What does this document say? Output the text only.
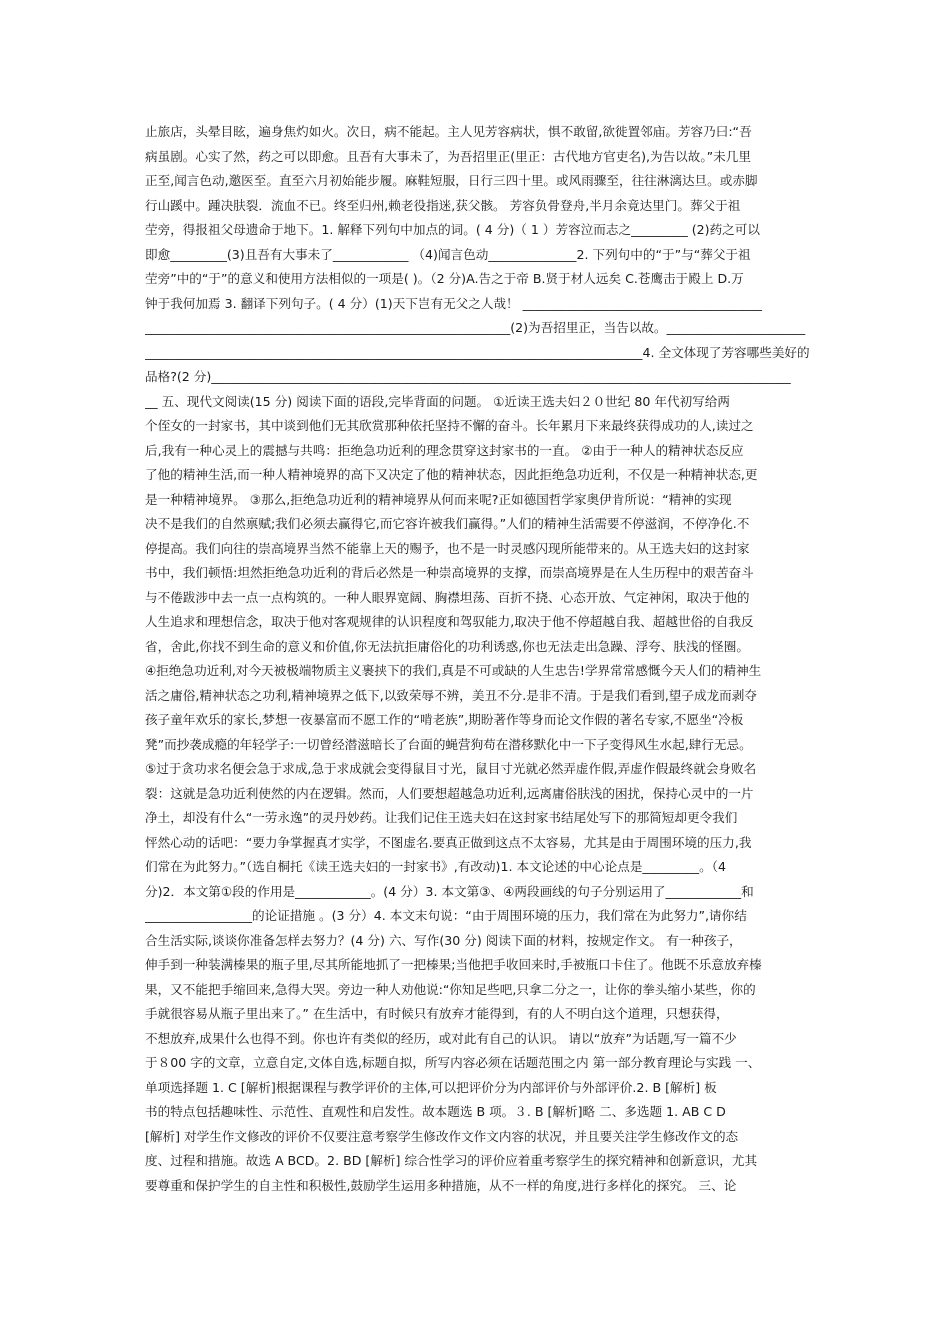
止旅店，头晕目眩，遍身焦灼如火。次日，病不能起。主人见芳容病状，惧不敢留,欲徙置邻庙。芳容乃曰:“吾
病虽剧。心实了然，药之可以即愈。且吾有大事未了，为吾招里正(里正：古代地方官吏名),为告以故。”未几里
正至,闻言色动,邀医至。直至六月初始能步履。麻鞋短服，日行三四十里。或风雨骤至，往往淋漓达旦。或赤脚
行山蹊中。踵决肤裂．流血不已。终至归州,赖老役指迷,获父骸。 芳容负骨登舟,半月余竟达里门。葬父于祖
茔旁，得报祖父母遗命于地下。1. 解释下列句中加点的词。( 4 分)（ 1 ）芳容泣而志之_________ (2)药之可以
即愈_________(3)且吾有大事未了____________ （4)闻言色动______________2. 下列句中的“于”与“葬父于祖
茔旁”中的“于”的意义和使用方法相似的一项是( )。（2 分)A.告之于帝 B.贤于材人远矣 C.苍鹰击于殿上 D.万
钟于我何加焉 3. 翻译下列句子。( 4 分）(1)天下岂有无父之人哉！ ______________________________________
__________________________________________________________(2)为吾招里正，当告以故。______________________
_______________________________________________________________________________4. 全文体现了芳容哪些美好的
品格?(2 分)____________________________________________________________________________________________
__ 五、现代文阅读(15 分) 阅读下面的语段,完毕背面的问题。 ①近读王选夫妇２０世纪 80 年代初写给两
个侄女的一封家书，其中谈到他们无其欣赏那种依托坚持不懈的奋斗。长年累月下来最终获得成功的人,读过之
后,我有一种心灵上的震撼与共鸣：拒绝急功近利的理念贯穿这封家书的一直。 ②由于一种人的精神状态反应
了他的精神生活,而一种人精神境界的高下又决定了他的精神状态，因此拒绝急功近利，不仅是一种精神状态,更
是一种精神境界。 ③那么,拒绝急功近利的精神境界从何而来呢?正如德国哲学家奥伊肯所说：“精神的实现
决不是我们的自然禀赋;我们必须去赢得它,而它容许被我们赢得。”人们的精神生活需要不停滋润，不停净化.不
停提高。我们向往的崇高境界当然不能靠上天的赐予，也不是一时灵感闪现所能带来的。从王选夫妇的这封家
书中，我们顿悟:坦然拒绝急功近利的背后必然是一种崇高境界的支撑，而崇高境界是在人生历程中的艰苦奋斗
与不倦跋涉中去一点一点构筑的。一种人眼界宽阔、胸襟坦荡、百折不挠、心态开放、气定神闲，取决于他的
人生追求和理想信念，取决于他对客观规律的认识程度和驾驭能力,取决于他不停超越自我、超越世俗的自我反
省，舍此,你找不到生命的意义和价值,你无法抗拒庸俗化的功利诱惑,你也无法走出急躁、浮夸、肤浅的怪圈。
④拒绝急功近利,对今天被极端物质主义裹挟下的我们,真是不可或缺的人生忠告!学界常常感慨今天人们的精神生
活之庸俗,精神状态之功利,精神境界之低下,以致荣辱不辨，美丑不分.是非不清。于是我们看到,望子成龙而剥夺
孩子童年欢乐的家长,梦想一夜暴富而不愿工作的“啃老族”,期盼著作等身而论文作假的著名专家,不愿坐“冷板
凳”而抄袭成瘾的年轻学子:一切曾经潜滋暗长了台面的蝇营狗苟在潜移默化中一下子变得风生水起,肆行无忌。
⑤过于贪功求名便会急于求成,急于求成就会变得鼠目寸光，鼠目寸光就必然弄虚作假,弄虚作假最终就会身败名
裂：这就是急功近利使然的内在逻辑。然而，人们要想超越急功近利,远离庸俗肤浅的困扰，保持心灵中的一片
净土，却没有什么“一劳永逸”的灵丹妙药。让我们记住王选夫妇在这封家书结尾处写下的那简短却更令我们
怦然心动的话吧：“要力争掌握真才实学，不图虚名.要真正做到这点不太容易，尤其是由于周围环境的压力,我
们常在为此努力。”（选自桐托《读王选夫妇的一封家书》,有改动)1. 本文论述的中心论点是_________。（4
分)2．本文第①段的作用是____________。(4 分）3. 本文第③、④两段画线的句子分别运用了____________和
_________________的论证措施 。(3 分）4. 本文末句说：“由于周围环境的压力，我们常在为此努力”,请你结
合生活实际,谈谈你准备怎样去努力？(4 分) 六、写作(30 分) 阅读下面的材料，按规定作文。 有一种孩子，
伸手到一种装满榛果的瓶子里,尽其所能地抓了一把榛果;当他把手收回来时,手被瓶口卡住了。他既不乐意放弃榛
果，又不能把手缩回来,急得大哭。旁边一种人劝他说:“你知足些吧,只拿二分之一，让你的拳头缩小某些，你的
手就很容易从瓶子里出来了。” 在生活中，有时候只有放弃才能得到，有的人不明白这个道理，只想获得，
不想放弃,成果什么也得不到。你也许有类似的经历，或对此有自己的认识。 请以“放弃”为话题,写一篇不少
于８00 字的文章，立意自定,文体自选,标题自拟，所写内容必须在话题范围之内 第一部分教育理论与实践 一、
单项选择题 1. C [解析]根据课程与教学评价的主体,可以把评价分为内部评价与外部评价.2. B [解析] 板
书的特点包括趣味性、示范性、直观性和启发性。故本题选 B 项。３. B [解析]略 二、多选题 1. AB C D
[解析] 对学生作文修改的评价不仅要注意考察学生修改作文作文内容的状况，并且要关注学生修改作文的态
度、过程和措施。故选 A BCD。2. BD [解析] 综合性学习的评价应着重考察学生的探究精神和创新意识，尤其
要尊重和保护学生的自主性和积极性,鼓励学生运用多种措施，从不一样的角度,进行多样化的探究。 三、论
